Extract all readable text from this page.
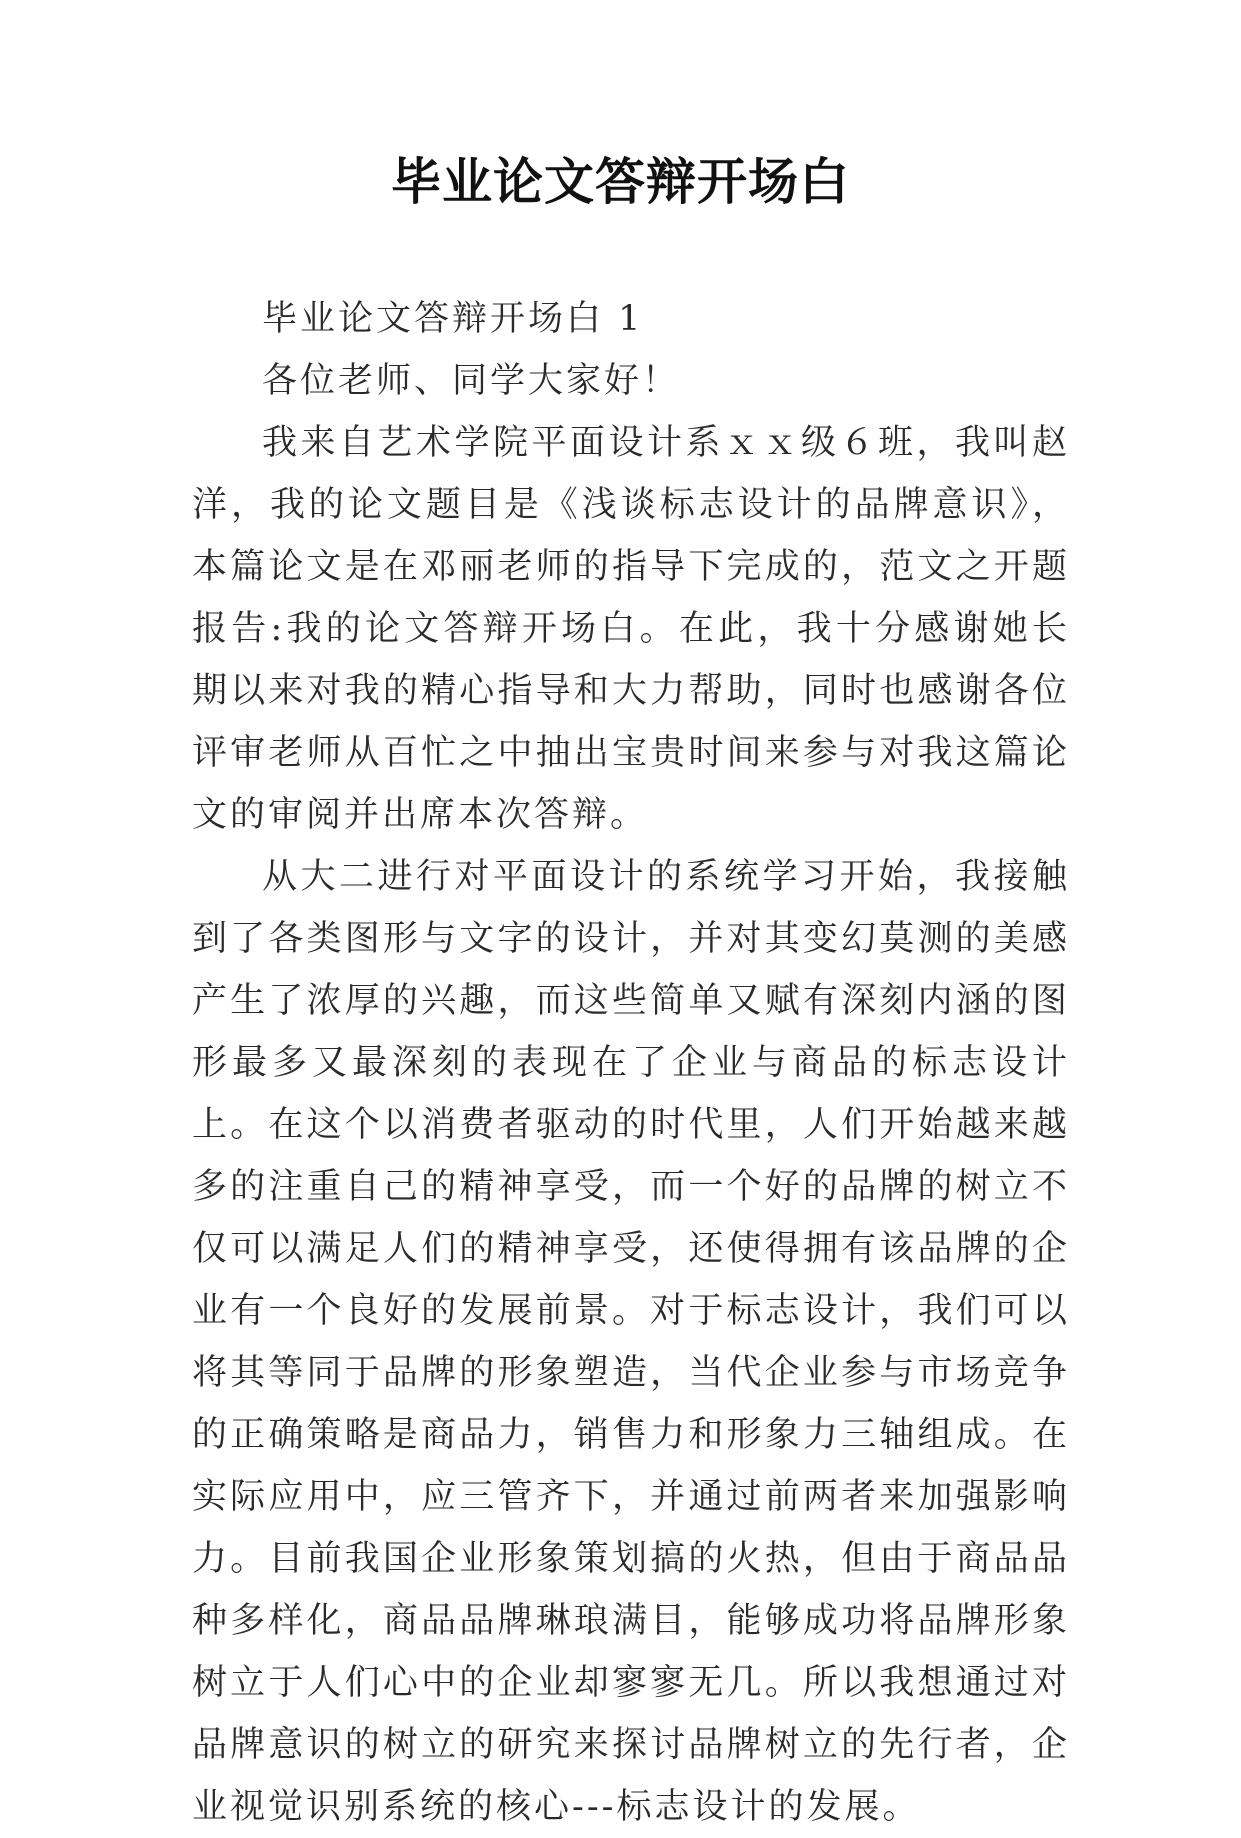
毕业论文答辩开场白

毕业论文答辩开场白 1

各位老师、同学大家好！

我来自艺术学院平面设计系ｘｘ级６班，我叫赵洋，我的论文题目是《浅谈标志设计的品牌意识》，本篇论文是在邓丽老师的指导下完成的，范文之开题报告:我的论文答辩开场白。在此，我十分感谢她长期以来对我的精心指导和大力帮助，同时也感谢各位评审老师从百忙之中抽出宝贵时间来参与对我这篇论文的审阅并出席本次答辩。

从大二进行对平面设计的系统学习开始，我接触到了各类图形与文字的设计，并对其变幻莫测的美感产生了浓厚的兴趣，而这些简单又赋有深刻内涵的图形最多又最深刻的表现在了企业与商品的标志设计上。在这个以消费者驱动的时代里，人们开始越来越多的注重自己的精神享受，而一个好的品牌的树立不仅可以满足人们的精神享受，还使得拥有该品牌的企业有一个良好的发展前景。对于标志设计，我们可以将其等同于品牌的形象塑造，当代企业参与市场竞争的正确策略是商品力，销售力和形象力三轴组成。在实际应用中，应三管齐下，并通过前两者来加强影响力。目前我国企业形象策划搞的火热，但由于商品品种多样化，商品品牌琳琅满目，能够成功将品牌形象树立于人们心中的企业却寥寥无几。所以我想通过对品牌意识的树立的研究来探讨品牌树立的先行者，企业视觉识别系统的核心---标志设计的发展。
